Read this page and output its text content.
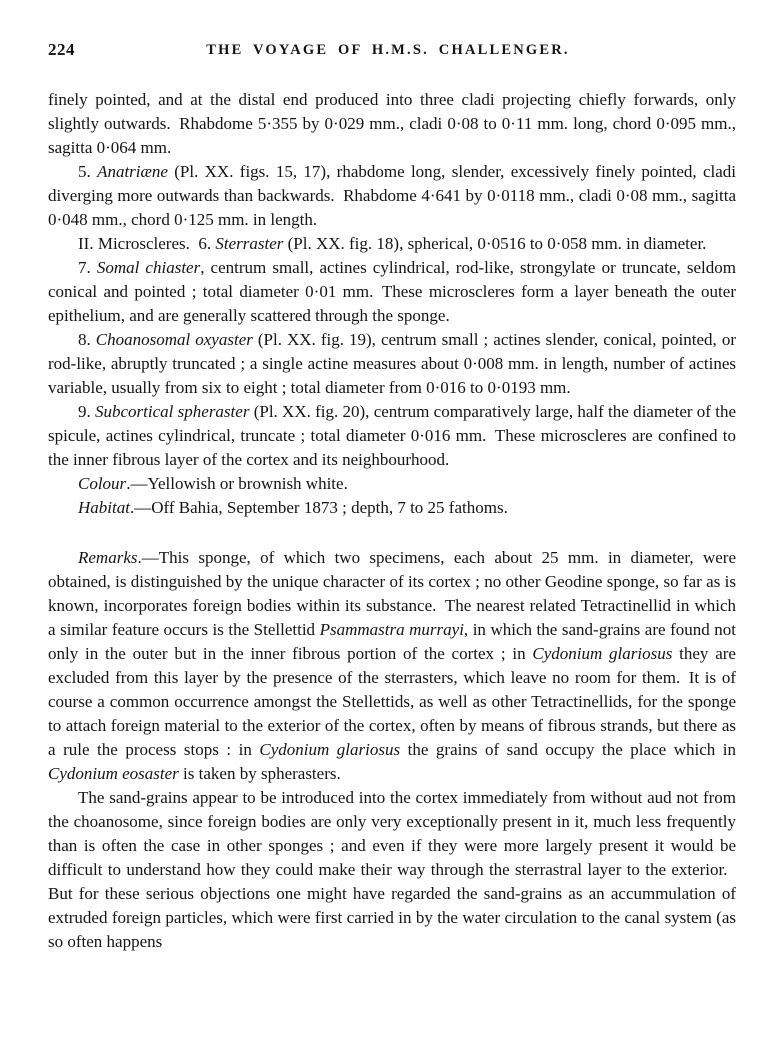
224	THE VOYAGE OF H.M.S. CHALLENGER.

finely pointed, and at the distal end produced into three cladi projecting chiefly forwards, only slightly outwards. Rhabdome 5·355 by 0·029 mm., cladi 0·08 to 0·11 mm. long, chord 0·095 mm., sagitta 0·064 mm.

5. Anatriæne (Pl. XX. figs. 15, 17), rhabdome long, slender, excessively finely pointed, cladi diverging more outwards than backwards. Rhabdome 4·641 by 0·0118 mm., cladi 0·08 mm., sagitta 0·048 mm., chord 0·125 mm. in length.

II. Microscleres. 6. Sterraster (Pl. XX. fig. 18), spherical, 0·0516 to 0·058 mm. in diameter.

7. Somal chiaster, centrum small, actines cylindrical, rod-like, strongylate or truncate, seldom conical and pointed ; total diameter 0·01 mm. These microscleres form a layer beneath the outer epithelium, and are generally scattered through the sponge.

8. Choanosomal oxyaster (Pl. XX. fig. 19), centrum small ; actines slender, conical, pointed, or rod-like, abruptly truncated ; a single actine measures about 0·008 mm. in length, number of actines variable, usually from six to eight ; total diameter from 0·016 to 0·0193 mm.

9. Subcortical spheraster (Pl. XX. fig. 20), centrum comparatively large, half the diameter of the spicule, actines cylindrical, truncate ; total diameter 0·016 mm. These microscleres are confined to the inner fibrous layer of the cortex and its neighbourhood.

Colour.—Yellowish or brownish white.

Habitat.—Off Bahia, September 1873 ; depth, 7 to 25 fathoms.

Remarks.—This sponge, of which two specimens, each about 25 mm. in diameter, were obtained, is distinguished by the unique character of its cortex ; no other Geodine sponge, so far as is known, incorporates foreign bodies within its substance. The nearest related Tetractinellid in which a similar feature occurs is the Stellettid Psammastra murrayi, in which the sand-grains are found not only in the outer but in the inner fibrous portion of the cortex ; in Cydonium glariosus they are excluded from this layer by the presence of the sterrasters, which leave no room for them. It is of course a common occurrence amongst the Stellettids, as well as other Tetractinellids, for the sponge to attach foreign material to the exterior of the cortex, often by means of fibrous strands, but there as a rule the process stops : in Cydonium glariosus the grains of sand occupy the place which in Cydonium eosaster is taken by spherasters.

The sand-grains appear to be introduced into the cortex immediately from without aud not from the choanosome, since foreign bodies are only very exceptionally present in it, much less frequently than is often the case in other sponges ; and even if they were more largely present it would be difficult to understand how they could make their way through the sterrastral layer to the exterior. But for these serious objections one might have regarded the sand-grains as an accummulation of extruded foreign particles, which were first carried in by the water circulation to the canal system (as so often happens
